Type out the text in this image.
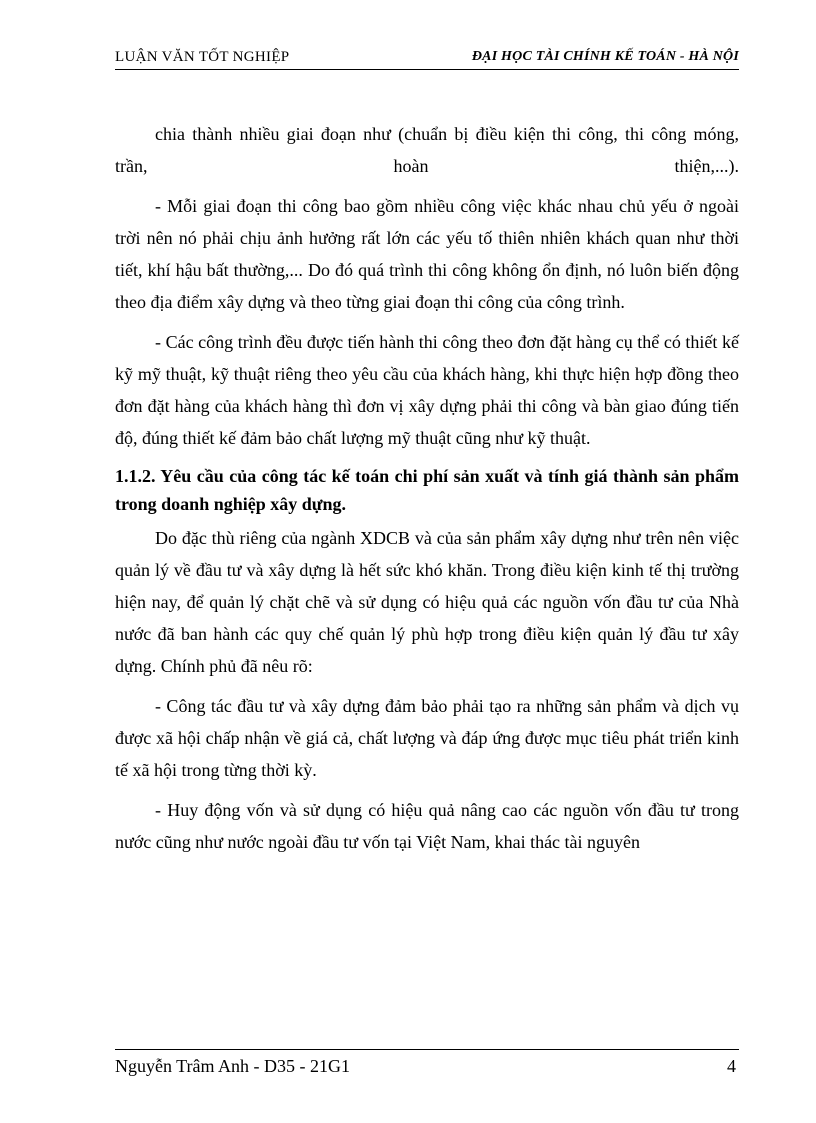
LUẬN VĂN TỐT NGHIỆP	ĐẠI HỌC TÀI CHÍNH KẾ TOÁN - HÀ NỘI

chia thành nhiều giai đoạn như (chuẩn bị điều kiện thi công, thi công móng,

trần, hoàn thiện,...).

- Mỗi giai đoạn thi công bao gồm nhiều công việc khác nhau chủ yếu ở ngoài trời nên nó phải chịu ảnh hưởng rất lớn các yếu tố thiên nhiên khách quan như thời tiết, khí hậu bất thường,... Do đó quá trình thi công không ổn định, nó luôn biến động theo địa điểm xây dựng và theo từng giai đoạn thi công của công trình.

- Các công trình đều được tiến hành thi công theo đơn đặt hàng cụ thể có thiết kế kỹ mỹ thuật, kỹ thuật riêng theo yêu cầu của khách hàng, khi thực hiện hợp đồng theo đơn đặt hàng của khách hàng thì đơn vị xây dựng phải thi công và bàn giao đúng tiến độ, đúng thiết kế đảm bảo chất lượng mỹ thuật cũng như kỹ thuật.

1.1.2. Yêu cầu của công tác kế toán chi phí sản xuất và tính giá thành sản phẩm trong doanh nghiệp xây dựng.

Do đặc thù riêng của ngành XDCB và của sản phẩm xây dựng như trên nên việc quản lý về đầu tư và xây dựng là hết sức khó khăn. Trong điều kiện kinh tế thị trường hiện nay, để quản lý chặt chẽ và sử dụng có hiệu quả các nguồn vốn đầu tư của Nhà nước đã ban hành các quy chế quản lý phù hợp trong điều kiện quản lý đầu tư xây dựng. Chính phủ đã nêu rõ:

- Công tác đầu tư và xây dựng đảm bảo phải tạo ra những sản phẩm và dịch vụ được xã hội chấp nhận về giá cả, chất lượng và đáp ứng được mục tiêu phát triển kinh tế xã hội trong từng thời kỳ.

- Huy động vốn và sử dụng có hiệu quả nâng cao các nguồn vốn đầu tư trong nước cũng như nước ngoài đầu tư vốn tại Việt Nam, khai thác tài nguyên

Nguyễn Trâm Anh - D35 - 21G1	4
